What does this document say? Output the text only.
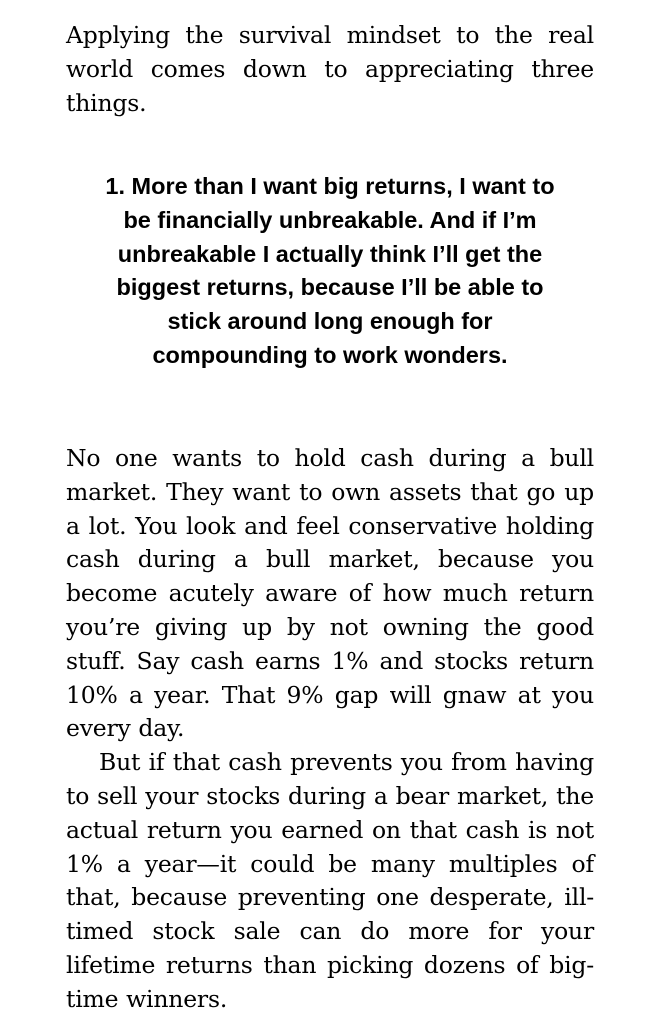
Applying the survival mindset to the real world comes down to appreciating three things.

1. More than I want big returns, I want to be financially unbreakable. And if I’m unbreakable I actually think I’ll get the biggest returns, because I’ll be able to stick around long enough for compounding to work wonders.

No one wants to hold cash during a bull market. They want to own assets that go up a lot. You look and feel conservative holding cash during a bull market, because you become acutely aware of how much return you’re giving up by not owning the good stuff. Say cash earns 1% and stocks return 10% a year. That 9% gap will gnaw at you every day.

But if that cash prevents you from having to sell your stocks during a bear market, the actual return you earned on that cash is not 1% a year—it could be many multiples of that, because preventing one desperate, ill-timed stock sale can do more for your lifetime returns than picking dozens of big-time winners.
